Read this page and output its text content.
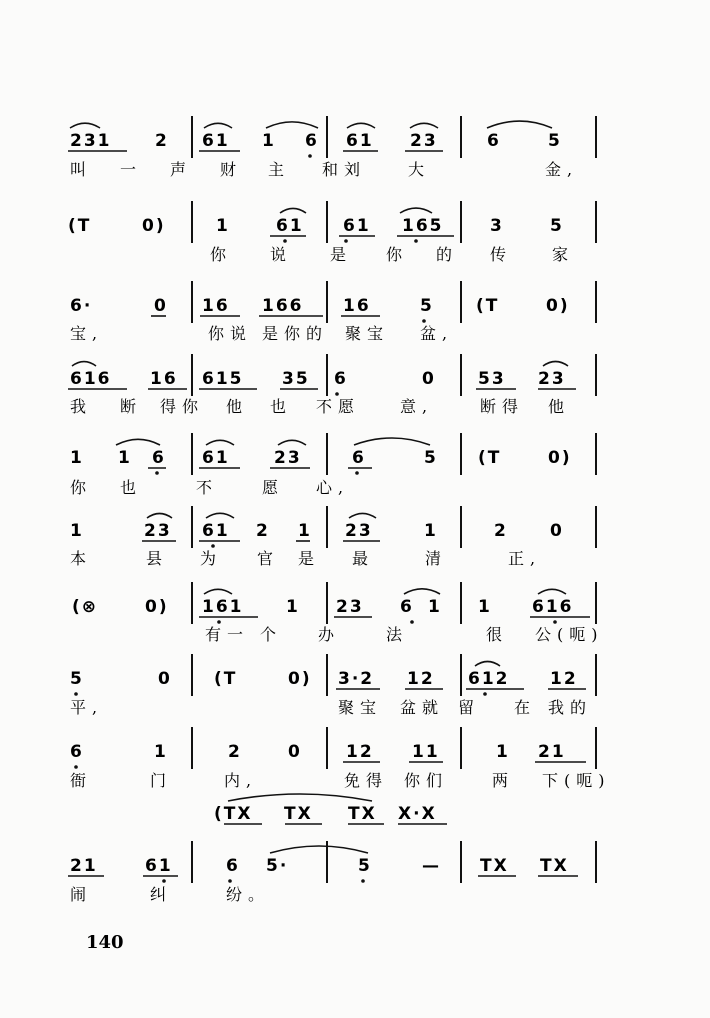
231	2 61 1 6 61 23	6	5
叫 一 声 财 主 和刘	大	金,
(T	0)	1	61 61 165	3	5
你 说 是 你 的 传 家
6·	0 16 166 16	5 (T	0)
宝,	你说 是你的 聚宝 盆,
616 16 615 35 6	0 53 23
我 断 得你 他 也 不愿 意,	断得 他
1 1 6 61	23	6	5 (T	0)
你 也	不	愿 心,
1	23 61 2 1 23	1	2 0
本	县 为 官 是 最	清	正,
(⊗	0) 161	1 23 6 1 1 616
有一 个 办	法	很 公(呃)
5	0 (T	0) 3·2 12 612 12
平,	聚宝 盆就 留 在 我的
6	1	2	0	12 11	1 21
衙	门	内,	免得 你们	两 下(呃)
(TX TX TX X·X
21	61	6 5·	5	— TX TX
闹	纠	纷。
140
